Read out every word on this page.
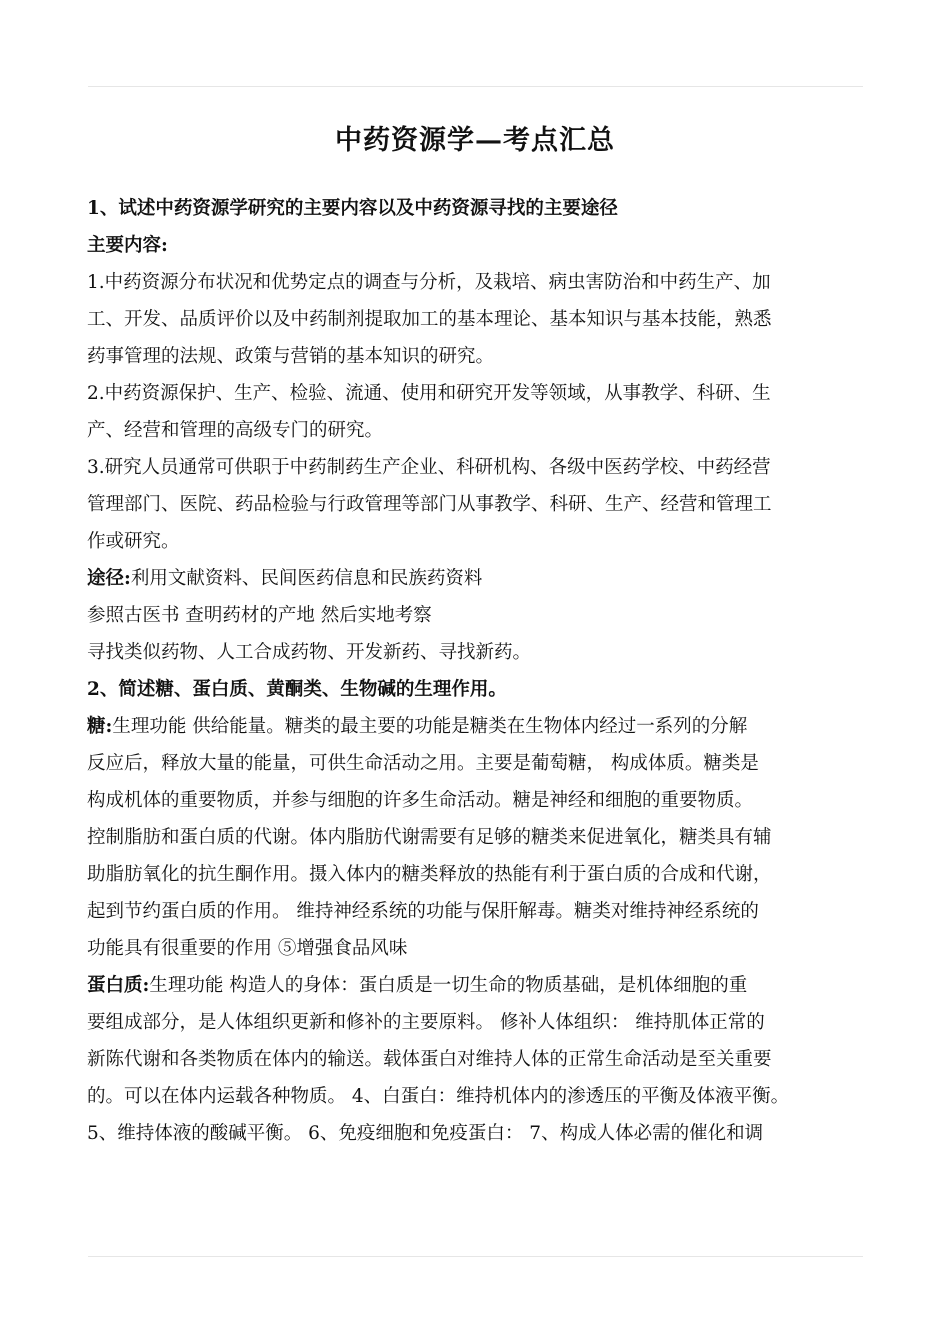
中药资源学—考点汇总
1、试述中药资源学研究的主要内容以及中药资源寻找的主要途径
主要内容:
1.中药资源分布状况和优势定点的调查与分析，及栽培、病虫害防治和中药生产、加
工、开发、品质评价以及中药制剂提取加工的基本理论、基本知识与基本技能，熟悉
药事管理的法规、政策与营销的基本知识的研究。
2.中药资源保护、生产、检验、流通、使用和研究开发等领域，从事教学、科研、生
产、经营和管理的高级专门的研究。
3.研究人员通常可供职于中药制药生产企业、科研机构、各级中医药学校、中药经营
管理部门、医院、药品检验与行政管理等部门从事教学、科研、生产、经营和管理工
作或研究。
途径:利用文献资料、民间医药信息和民族药资料
参照古医书 查明药材的产地 然后实地考察
寻找类似药物、人工合成药物、开发新药、寻找新药。
2、简述糖、蛋白质、黄酮类、生物碱的生理作用。
糖:生理功能 供给能量。糖类的最主要的功能是糖类在生物体内经过一系列的分解
反应后，释放大量的能量，可供生命活动之用。主要是葡萄糖， 构成体质。糖类是
构成机体的重要物质，并参与细胞的许多生命活动。糖是神经和细胞的重要物质。
控制脂肪和蛋白质的代谢。体内脂肪代谢需要有足够的糖类来促进氧化，糖类具有辅
助脂肪氧化的抗生酮作用。摄入体内的糖类释放的热能有利于蛋白质的合成和代谢，
起到节约蛋白质的作用。 维持神经系统的功能与保肝解毒。糖类对维持神经系统的
功能具有很重要的作用 ⑤增强食品风味
蛋白质:生理功能 构造人的身体：蛋白质是一切生命的物质基础，是机体细胞的重
要组成部分，是人体组织更新和修补的主要原料。 修补人体组织： 维持肌体正常的
新陈代谢和各类物质在体内的输送。载体蛋白对维持人体的正常生命活动是至关重要
的。可以在体内运载各种物质。 4、白蛋白：维持机体内的渗透压的平衡及体液平衡。
5、维持体液的酸碱平衡。 6、免疫细胞和免疫蛋白： 7、构成人体必需的催化和调
